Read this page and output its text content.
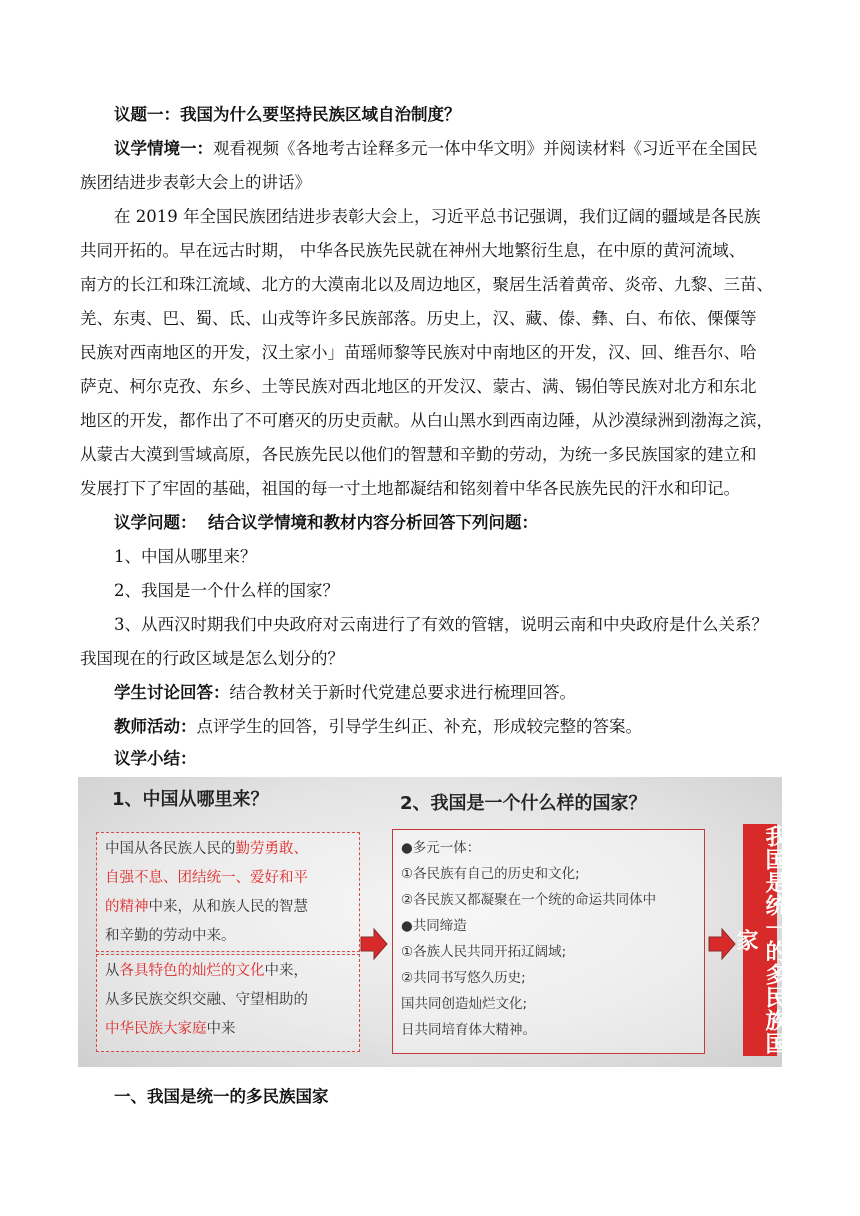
议题一：我国为什么要坚持民族区域自治制度？
议学情境一：观看视频《各地考古诠释多元一体中华文明》并阅读材料《习近平在全国民
族团结进步表彰大会上的讲话》
在 2019 年全国民族团结进步表彰大会上，习近平总书记强调，我们辽阔的疆域是各民族
共同开拓的。早在远古时期， 中华各民族先民就在神州大地繁衍生息，在中原的黄河流域、
南方的长江和珠江流域、北方的大漠南北以及周边地区，聚居生活着黄帝、炎帝、九黎、三苗、
羌、东夷、巴、蜀、氐、山戎等许多民族部落。历史上，汉、藏、傣、彝、白、布依、傈僳等
民族对西南地区的开发，汉土家小」苗瑶师黎等民族对中南地区的开发，汉、回、维吾尔、哈
萨克、柯尔克孜、东乡、土等民族对西北地区的开发汉、蒙古、满、锡伯等民族对北方和东北
地区的开发，都作出了不可磨灭的历史贡献。从白山黑水到西南边陲，从沙漠绿洲到渤海之滨，
从蒙古大漠到雪域高原，各民族先民以他们的智慧和辛勤的劳动，为统一多民族国家的建立和
发展打下了牢固的基础，祖国的每一寸土地都凝结和铭刻着中华各民族先民的汗水和印记。
议学问题： 结合议学情境和教材内容分析回答下列问题：
1、中国从哪里来？
2、我国是一个什么样的国家？
3、从西汉时期我们中央政府对云南进行了有效的管辖，说明云南和中央政府是什么关系？
我国现在的行政区域是怎么划分的？
学生讨论回答：结合教材关于新时代党建总要求进行梳理回答。
教师活动：点评学生的回答，引导学生纠正、补充，形成较完整的答案。
议学小结：
1、中国从哪里来？	2、我国是一个什么样的国家？
中国从各民族人民的勤劳勇敢、
自强不息、团结统一、爱好和平
的精神中来，从和族人民的智慧
和辛勤的劳动中来。
从各具特色的灿烂的文化中来，
从多民族交织交融、守望相助的
中华民族大家庭中来
●多元一体：
①各民族有自己的历史和文化;
②各民族又都凝聚在一个统的命运共同体中
●共同缔造
①各族人民共同开拓辽阔域;
②共同书写悠久历史;
国共同创造灿烂文化;
日共同培育体大精神。	我国是统一的多民族国家
一、我国是统一的多民族国家
